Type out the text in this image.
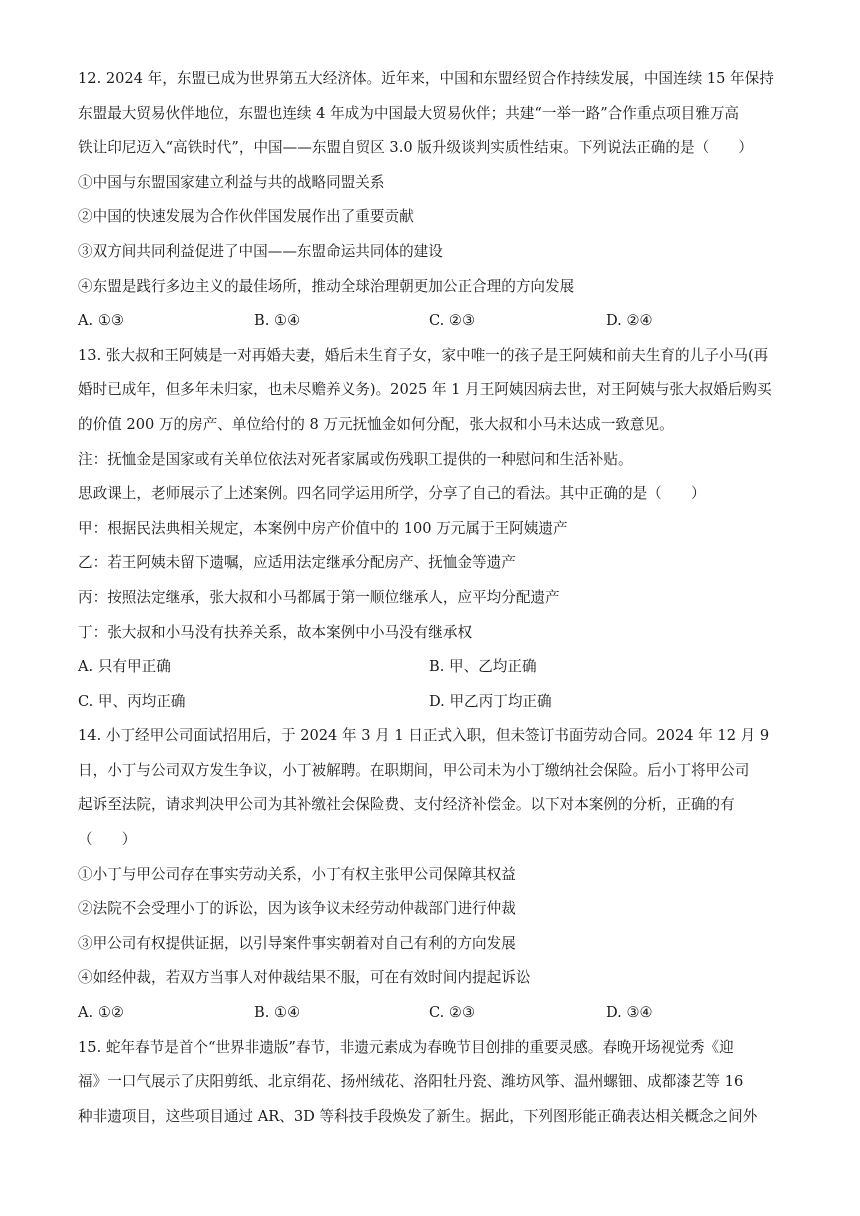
12. 2024 年，东盟已成为世界第五大经济体。近年来，中国和东盟经贸合作持续发展，中国连续 15 年保持
东盟最大贸易伙伴地位，东盟也连续 4 年成为中国最大贸易伙伴；共建“一举一路”合作重点项目雅万高
铁让印尼迈入“高铁时代”，中国——东盟自贸区 3.0 版升级谈判实质性结束。下列说法正确的是（　　）
①中国与东盟国家建立利益与共的战略同盟关系
②中国的快速发展为合作伙伴国发展作出了重要贡献
③双方间共同利益促进了中国——东盟命运共同体的建设
④东盟是践行多边主义的最佳场所，推动全球治理朝更加公正合理的方向发展
A. ①③	B. ①④	C. ②③	D. ②④
13. 张大叔和王阿姨是一对再婚夫妻，婚后未生育子女，家中唯一的孩子是王阿姨和前夫生育的儿子小马(再
婚时已成年，但多年未归家，也未尽赡养义务)。2025 年 1 月王阿姨因病去世，对王阿姨与张大叔婚后购买
的价值 200 万的房产、单位给付的 8 万元抚恤金如何分配，张大叔和小马未达成一致意见。
注：抚恤金是国家或有关单位依法对死者家属或伤残职工提供的一种慰问和生活补贴。
思政课上，老师展示了上述案例。四名同学运用所学，分享了自己的看法。其中正确的是（　　）
甲：根据民法典相关规定，本案例中房产价值中的 100 万元属于王阿姨遗产
乙：若王阿姨未留下遗嘱，应适用法定继承分配房产、抚恤金等遗产
丙：按照法定继承，张大叔和小马都属于第一顺位继承人，应平均分配遗产
丁：张大叔和小马没有扶养关系，故本案例中小马没有继承权
A. 只有甲正确	B. 甲、乙均正确
C. 甲、丙均正确	D. 甲乙丙丁均正确
14. 小丁经甲公司面试招用后，于 2024 年 3 月 1 日正式入职，但未签订书面劳动合同。2024 年 12 月 9
日，小丁与公司双方发生争议，小丁被解聘。在职期间，甲公司未为小丁缴纳社会保险。后小丁将甲公司
起诉至法院，请求判决甲公司为其补缴社会保险费、支付经济补偿金。以下对本案例的分析，正确的有
（　　）
①小丁与甲公司存在事实劳动关系，小丁有权主张甲公司保障其权益
②法院不会受理小丁的诉讼，因为该争议未经劳动仲裁部门进行仲裁
③甲公司有权提供证据，以引导案件事实朝着对自己有利的方向发展
④如经仲裁，若双方当事人对仲裁结果不服，可在有效时间内提起诉讼
A. ①②	B. ①④	C. ②③	D. ③④
15. 蛇年春节是首个“世界非遗版”春节，非遗元素成为春晚节目创排的重要灵感。春晚开场视觉秀《迎
福》一口气展示了庆阳剪纸、北京绢花、扬州绒花、洛阳牡丹瓷、潍坊风筝、温州螺钿、成都漆艺等 16
种非遗项目，这些项目通过 AR、3D 等科技手段焕发了新生。据此，下列图形能正确表达相关概念之间外
